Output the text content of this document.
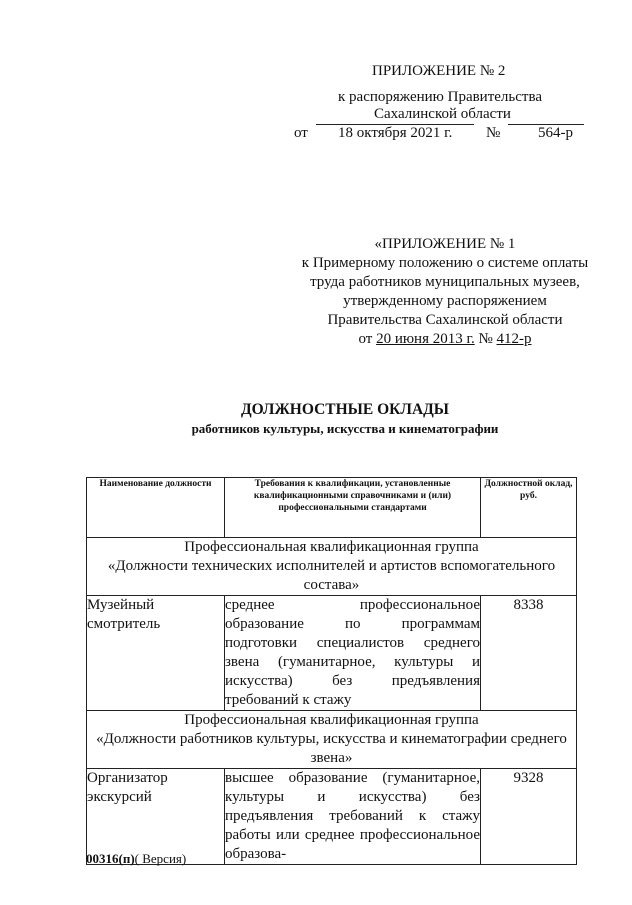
ПРИЛОЖЕНИЕ № 2
к распоряжению Правительства
Сахалинской области
от 18 октября 2021 г. №	564-р
«ПРИЛОЖЕНИЕ № 1
к Примерному положению о системе оплаты
труда работников муниципальных музеев,
утвержденному распоряжением
Правительства Сахалинской области
от 20 июня 2013 г. № 412-р
ДОЛЖНОСТНЫЕ ОКЛАДЫ
работников культуры, искусства и кинематографии
Наименование должности	Требования к квалификации, установленные квалификационными справочниками и (или) профессиональными стандартами	Должностной оклад, руб.

Профессиональная квалификационная группа
«Должности технических исполнителей и артистов вспомогательного состава»		

Музейный смотритель	среднее профессиональное образование по программам подготовки специалистов среднего звена (гуманитарное, культуры и искусства) без предъявления требований к стажу	8338

Профессиональная квалификационная группа
«Должности работников культуры, искусства и кинематографии среднего звена»		

Организатор экскурсий	высшее образование (гуманитарное, культуры и искусства) без предъявления требований к стажу работы или среднее профессиональное образова-	9328
00316(п)( Версия)
